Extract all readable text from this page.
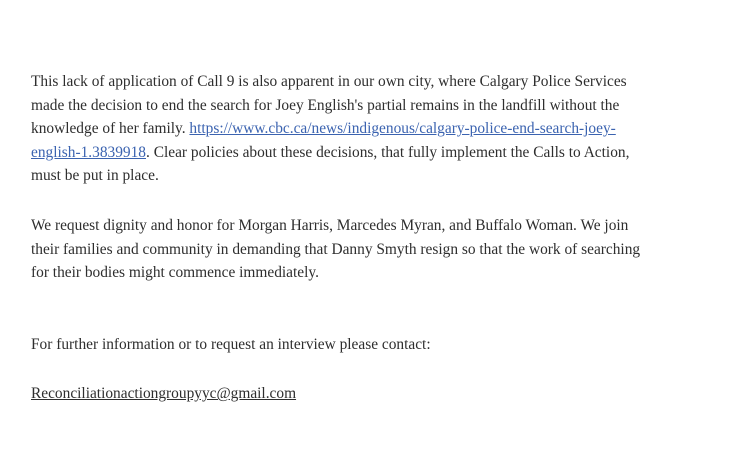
This lack of application of Call 9 is also apparent in our own city, where Calgary Police Services
made the decision to end the search for Joey English's partial remains in the landfill without the
knowledge of her family. https://www.cbc.ca/news/indigenous/calgary-police-end-search-joey-
english-1.3839918. Clear policies about these decisions, that fully implement the Calls to Action,
must be put in place.

We request dignity and honor for Morgan Harris, Marcedes Myran, and Buffalo Woman. We join
their families and community in demanding that Danny Smyth resign so that the work of searching
for their bodies might commence immediately.

For further information or to request an interview please contact:

Reconciliationactiongroupyyc@gmail.com
